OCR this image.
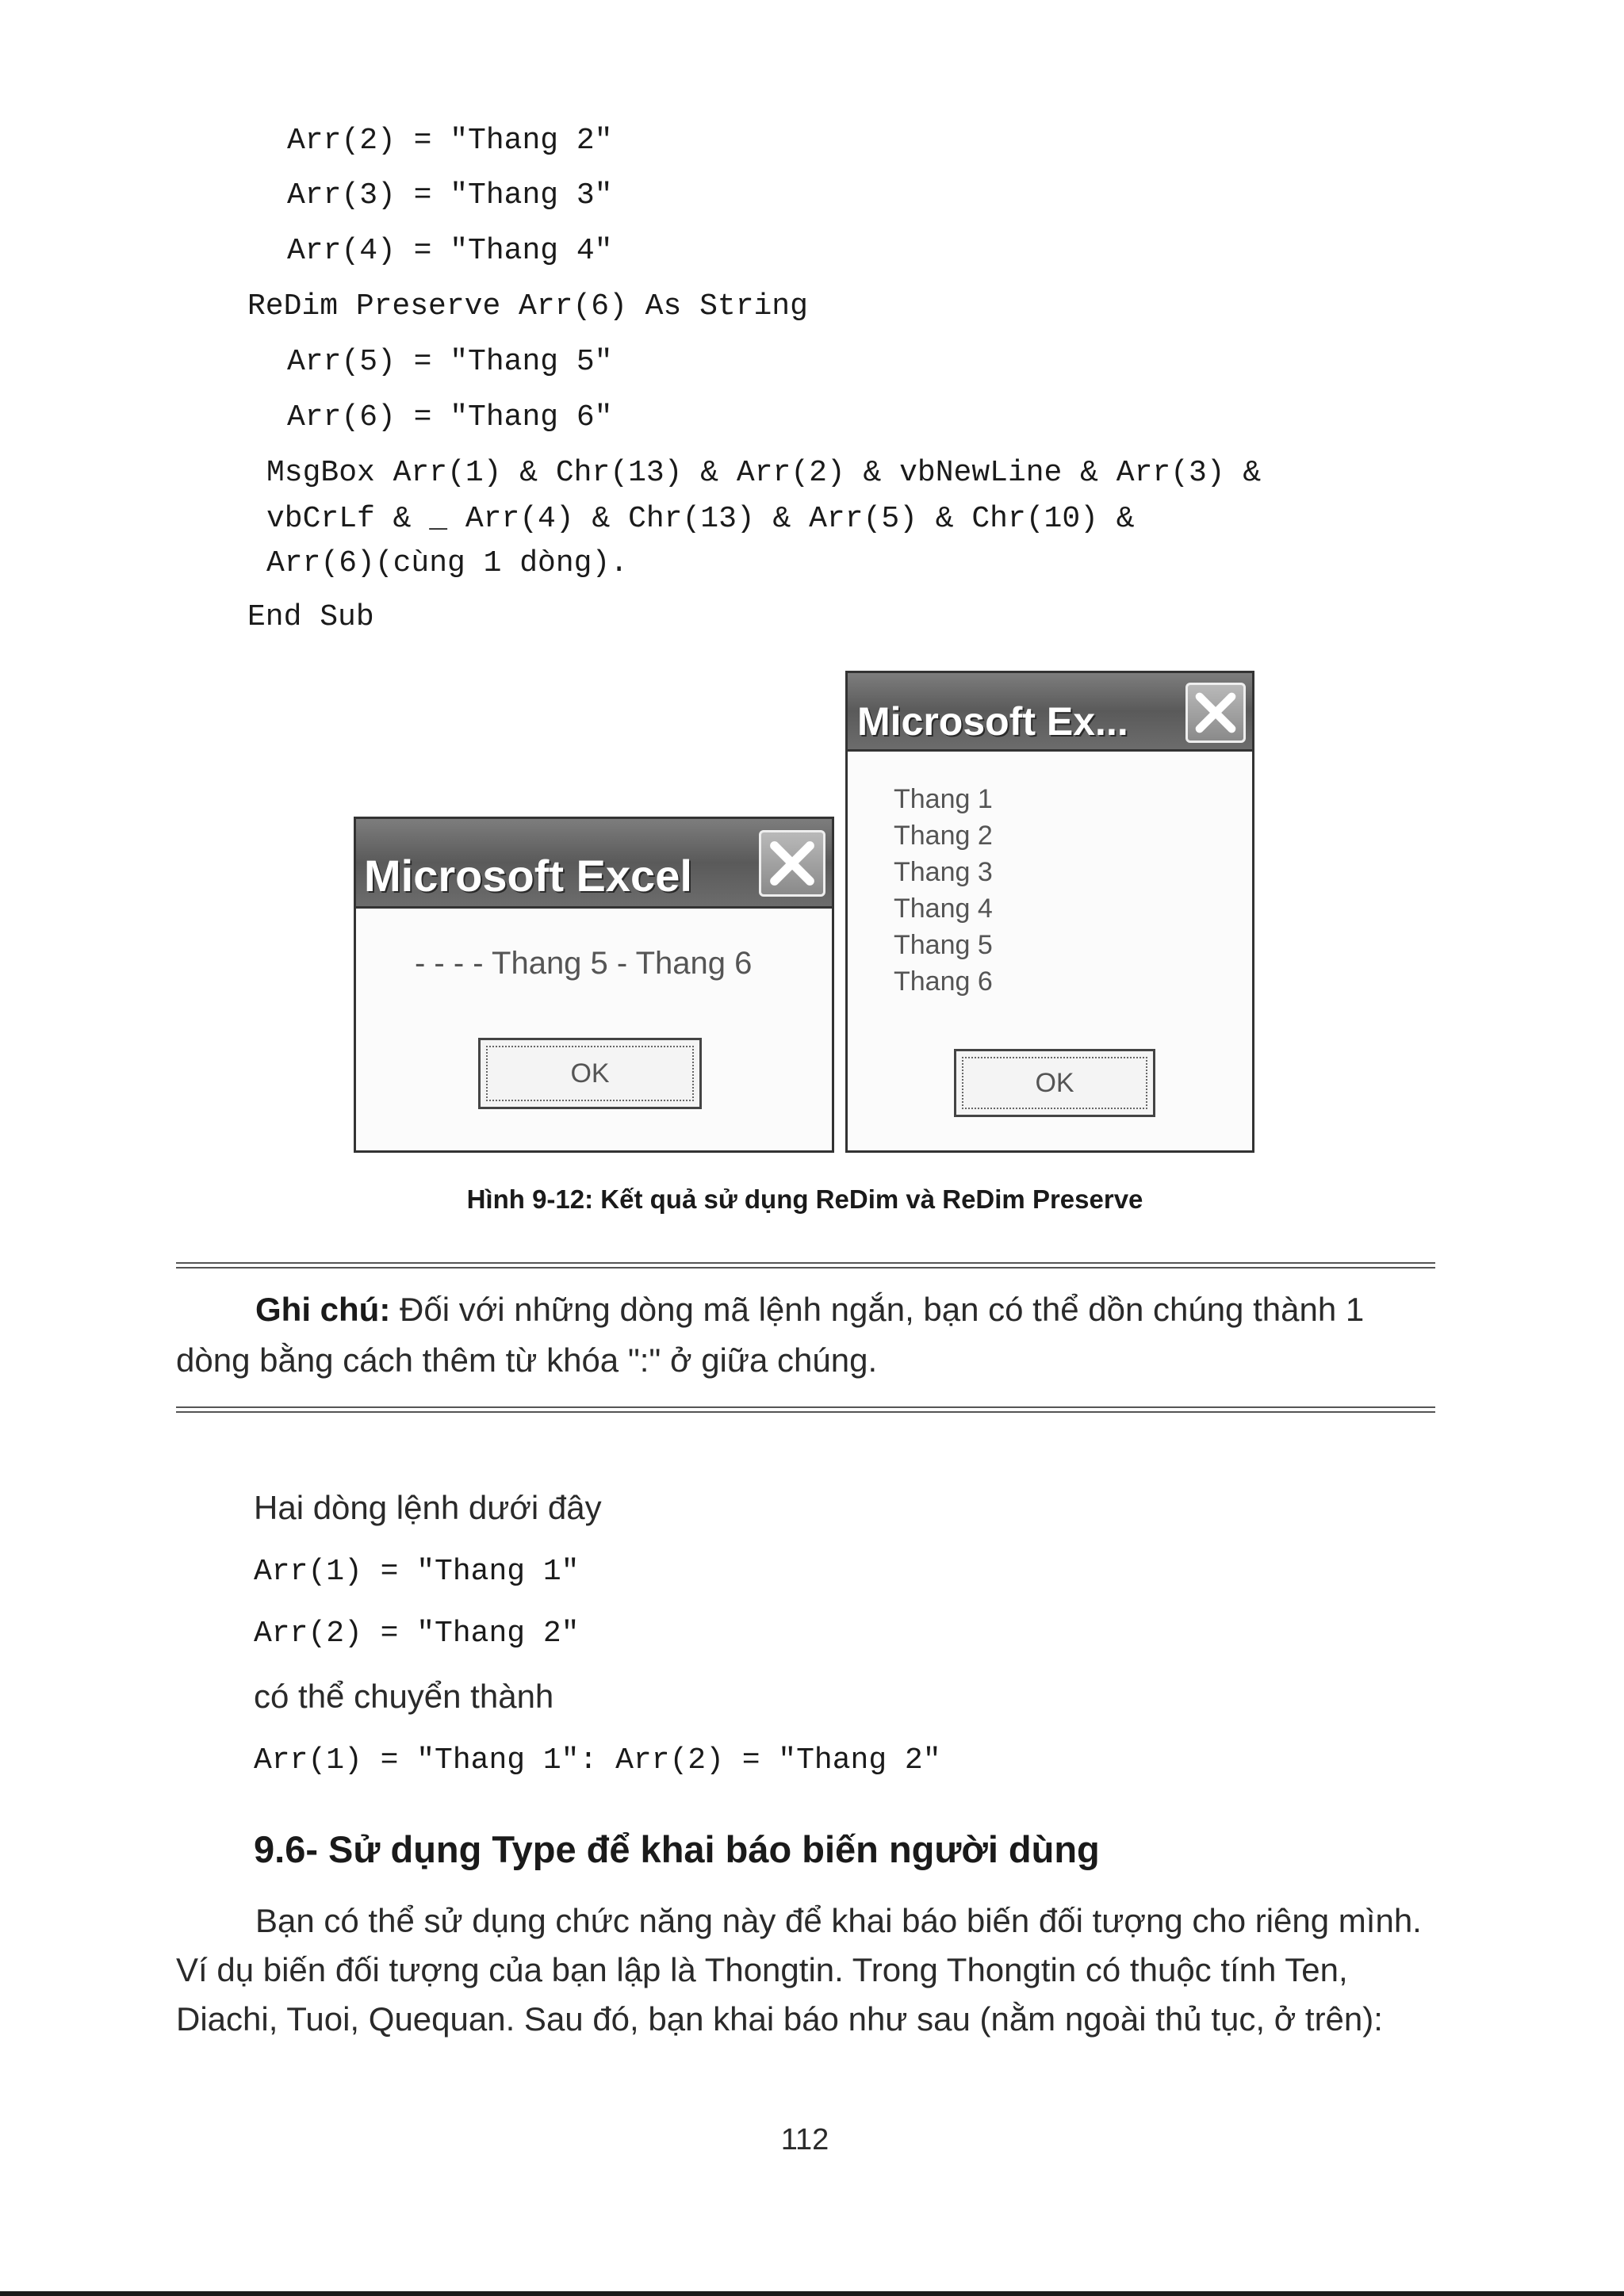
Arr(2) = "Thang 2"
Arr(3) = "Thang 3"
Arr(4) = "Thang 4"
ReDim Preserve Arr(6) As String
Arr(5) = "Thang 5"
Arr(6) = "Thang 6"
MsgBox Arr(1) & Chr(13) & Arr(2) & vbNewLine & Arr(3) &
vbCrLf & _ Arr(4) & Chr(13) & Arr(5) & Chr(10) &
Arr(6)(cùng 1 dòng).
End Sub
Microsoft Excel
- - - - Thang 5 - Thang 6
OK
Microsoft Ex...
Thang 1
Thang 2
Thang 3
Thang 4
Thang 5
Thang 6
OK
Hình 9-12: Kết quả sử dụng ReDim và ReDim Preserve
Ghi chú: Đối với những dòng mã lệnh ngắn, bạn có thể dồn chúng thành 1 dòng bằng cách thêm từ khóa ":" ở giữa chúng.
Hai dòng lệnh dưới đây
Arr(1) = "Thang 1"
Arr(2) = "Thang 2"
có thể chuyển thành
Arr(1) = "Thang 1": Arr(2) = "Thang 2"
9.6- Sử dụng Type để khai báo biến người dùng
Bạn có thể sử dụng chức năng này để khai báo biến đối tượng cho riêng mình. Ví dụ biến đối tượng của bạn lập là Thongtin. Trong Thongtin có thuộc tính Ten, Diachi, Tuoi, Quequan. Sau đó, bạn khai báo như sau (nằm ngoài thủ tục, ở trên):
112
